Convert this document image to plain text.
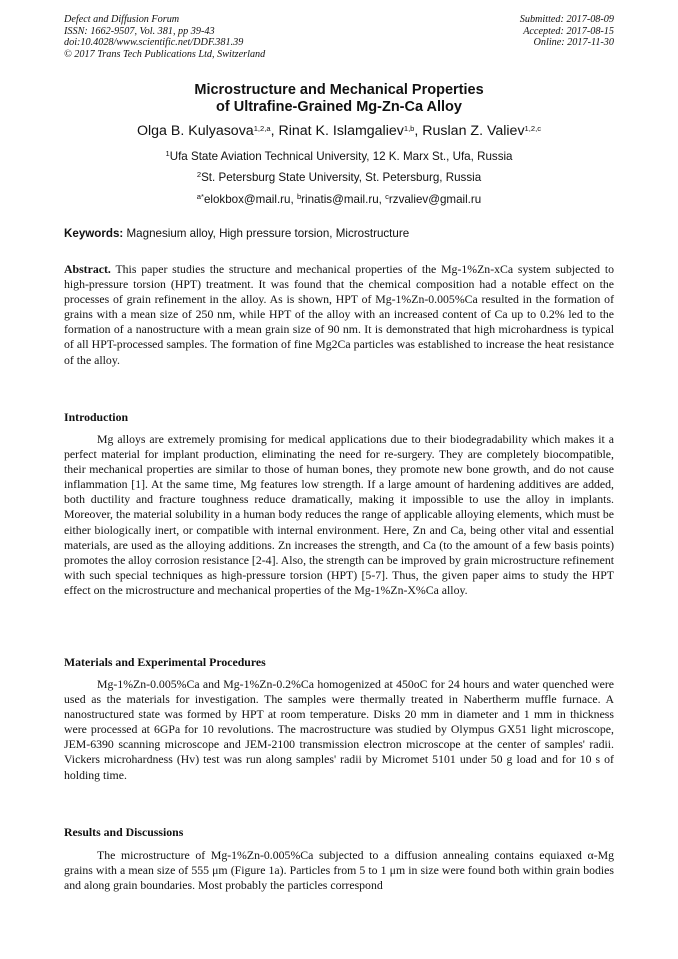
Defect and Diffusion Forum
ISSN: 1662-9507, Vol. 381, pp 39-43
doi:10.4028/www.scientific.net/DDF.381.39
© 2017 Trans Tech Publications Ltd, Switzerland
Submitted: 2017-08-09
Accepted: 2017-08-15
Online: 2017-11-30
Microstructure and Mechanical Properties
of Ultrafine-Grained Mg-Zn-Ca Alloy
Olga B. Kulyasova$^{1,2,a}$, Rinat K. Islamgaliev$^{1,b}$, Ruslan Z. Valiev$^{1,2,c}$
$^1$Ufa State Aviation Technical University, 12 K. Marx St., Ufa, Russia
$^2$St. Petersburg State University, St. Petersburg, Russia
$^{a*}$elokbox@mail.ru, $^b$rinatis@mail.ru, $^c$rzvaliev@gmail.ru
Keywords: Magnesium alloy, High pressure torsion, Microstructure

Abstract. This paper studies the structure and mechanical properties of the Mg-1%Zn-xCa system subjected to high-pressure torsion (HPT) treatment. It was found that the chemical composition had a notable effect on the processes of grain refinement in the alloy. As is shown, HPT of Mg-1%Zn-0.005%Ca resulted in the formation of grains with a mean size of 250 nm, while HPT of the alloy with an increased content of Ca up to 0.2% led to the formation of a nanostructure with a mean grain size of 90 nm. It is demonstrated that high microhardness is typical of all HPT-processed samples. The formation of fine Mg2Ca particles was established to increase the heat resistance of the alloy.

Introduction

Mg alloys are extremely promising for medical applications due to their biodegradability which makes it a perfect material for implant production, eliminating the need for re-surgery. They are completely biocompatible, their mechanical properties are similar to those of human bones, they promote new bone growth, and do not cause inflammation [1]. At the same time, Mg features low strength. If a large amount of hardening additives are added, both ductility and fracture toughness reduce dramatically, making it impossible to use the alloy in implants. Moreover, the material solubility in a human body reduces the range of applicable alloying elements, which must be either biologically inert, or compatible with internal environment. Here, Zn and Ca, being other vital and essential materials, are used as the alloying additions. Zn increases the strength, and Ca (to the amount of a few basis points) promotes the alloy corrosion resistance [2-4]. Also, the strength can be improved by grain microstructure refinement with such special techniques as high-pressure torsion (HPT) [5-7]. Thus, the given paper aims to study the HPT effect on the microstructure and mechanical properties of the Mg-1%Zn-X%Ca alloy.

Materials and Experimental Procedures

Mg-1%Zn-0.005%Ca and Mg-1%Zn-0.2%Ca homogenized at 450oC for 24 hours and water quenched were used as the materials for investigation. The samples were thermally treated in Nabertherm muffle furnace. A nanostructured state was formed by HPT at room temperature. Disks 20 mm in diameter and 1 mm in thickness were processed at 6GPa for 10 revolutions. The macrostructure was studied by Olympus GX51 light microscope, JEM-6390 scanning microscope and JEM-2100 transmission electron microscope at the center of samples' radii. Vickers microhardness (Hv) test was run along samples' radii by Micromet 5101 under 50 g load and for 10 s of holding time.

Results and Discussions

The microstructure of Mg-1%Zn-0.005%Ca subjected to a diffusion annealing contains equiaxed α-Mg grains with a mean size of 555 μm (Figure 1a). Particles from 5 to 1 μm in size were found both within grain bodies and along grain boundaries. Most probably the particles correspond
